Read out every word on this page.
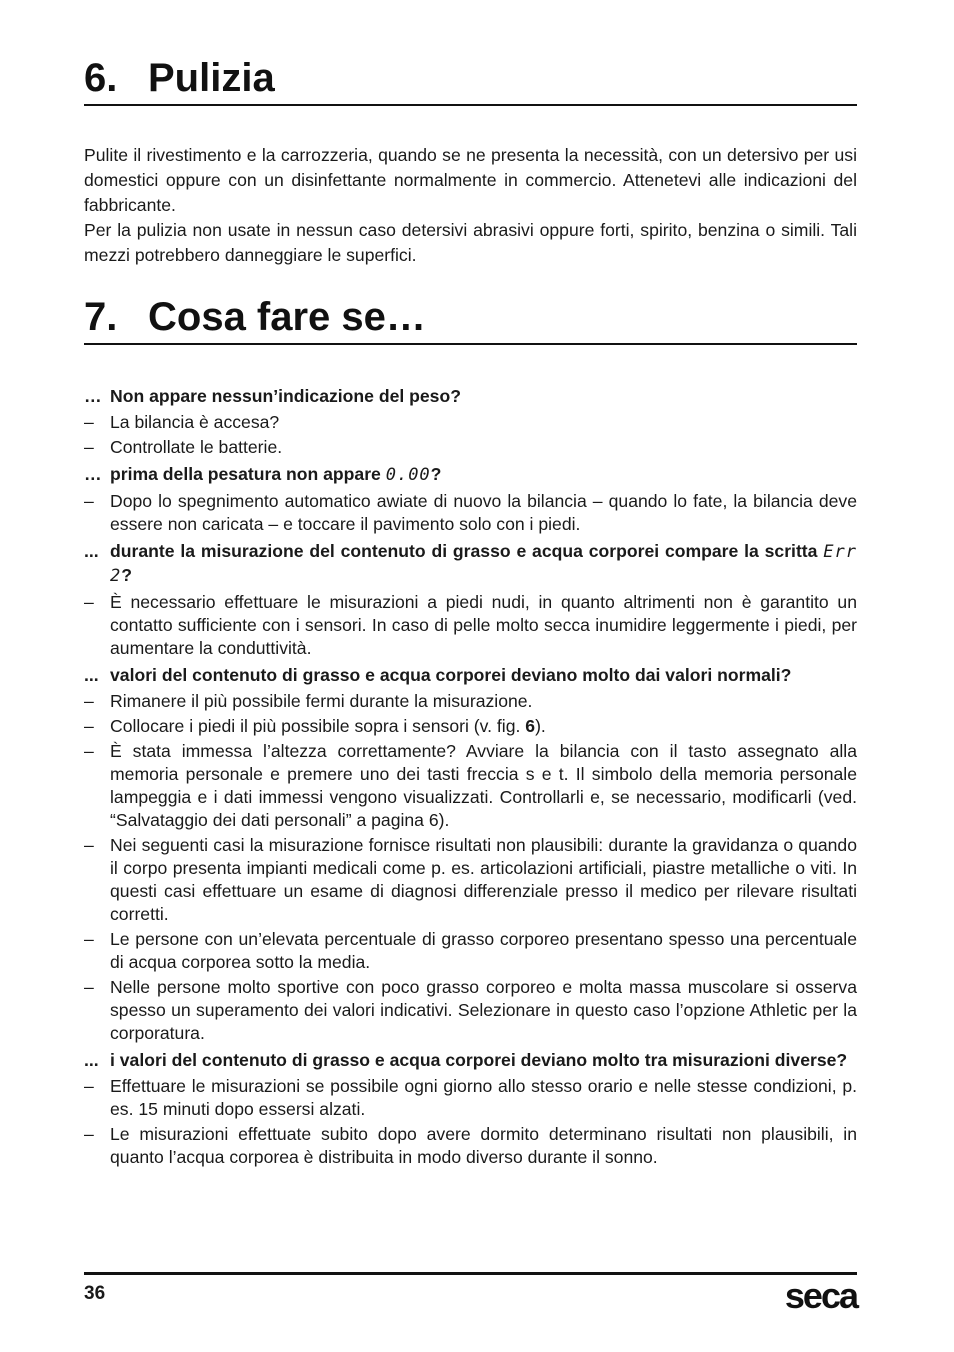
6. Pulizia

Pulite il rivestimento e la carrozzeria, quando se ne presenta la necessità, con un detersivo per usi domestici oppure con un disinfettante normalmente in commercio. Attenetevi alle indicazioni del fabbricante.

Per la pulizia non usate in nessun caso detersivi abrasivi oppure forti, spirito, benzina o simili. Tali mezzi potrebbero danneggiare le superfici.

7. Cosa fare se…
… Non appare nessun’indicazione del peso?
– La bilancia è accesa?
– Controllate le batterie.
… prima della pesatura non appare 0.00?
– Dopo lo spegnimento automatico awiate di nuovo la bilancia – quando lo fate, la bilancia deve essere non caricata – e toccare il pavimento solo con i piedi.
... durante la misurazione del contenuto di grasso e acqua corporei compare la scritta Err 2?
– È necessario effettuare le misurazioni a piedi nudi, in quanto altrimenti non è garantito un contatto sufficiente con i sensori. In caso di pelle molto secca inumidire leggermente i piedi, per aumentare la conduttività.
... valori del contenuto di grasso e acqua corporei deviano molto dai valori normali?
– Rimanere il più possibile fermi durante la misurazione.
– Collocare i piedi il più possibile sopra i sensori (v. fig. 6).
– È stata immessa l’altezza correttamente? Avviare la bilancia con il tasto assegnato alla memoria personale e premere uno dei tasti freccia s e t. Il simbolo della memoria personale lampeggia e i dati immessi vengono visualizzati. Controllarli e, se necessario, modificarli (ved. “Salvataggio dei dati personali” a pagina 6).
– Nei seguenti casi la misurazione fornisce risultati non plausibili: durante la gravidanza o quando il corpo presenta impianti medicali come p. es. articolazioni artificiali, piastre metalliche o viti. In questi casi effettuare un esame di diagnosi differenziale presso il medico per rilevare risultati corretti.
– Le persone con un’elevata percentuale di grasso corporeo presentano spesso una percentuale di acqua corporea sotto la media.
– Nelle persone molto sportive con poco grasso corporeo e molta massa muscolare si osserva spesso un superamento dei valori indicativi. Selezionare in questo caso l’opzione Athletic per la corporatura.
... i valori del contenuto di grasso e acqua corporei deviano molto tra misurazioni diverse?
– Effettuare le misurazioni se possibile ogni giorno allo stesso orario e nelle stesse condizioni, p. es. 15 minuti dopo essersi alzati.
– Le misurazioni effettuate subito dopo avere dormito determinano risultati non plausibili, in quanto l’acqua corporea è distribuita in modo diverso durante il sonno.
36	seca
